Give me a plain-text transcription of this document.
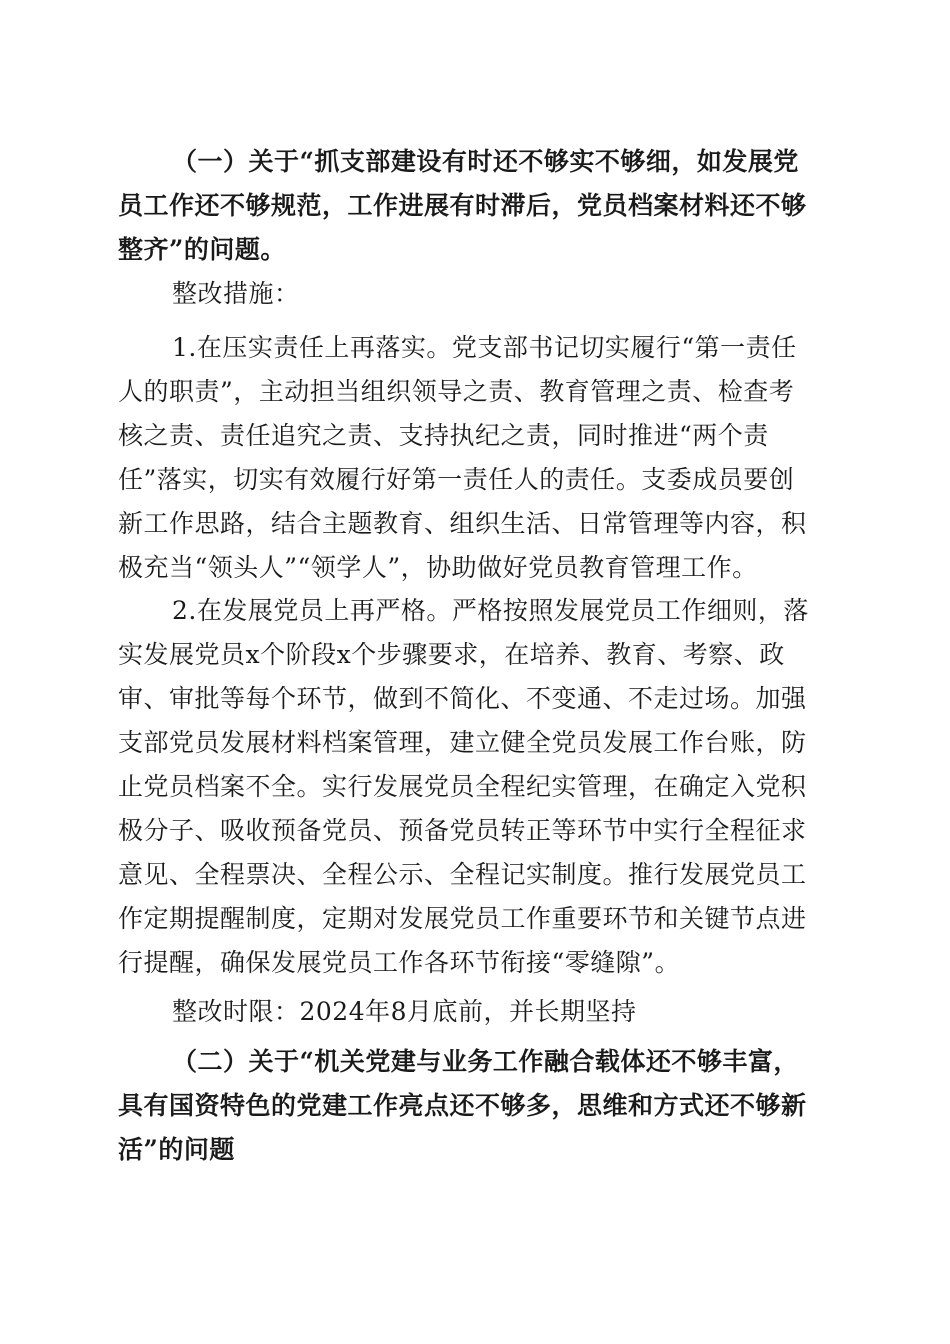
（一）关于“抓支部建设有时还不够实不够细，如发展党
员工作还不够规范，工作进展有时滞后，党员档案材料还不够
整齐”的问题。
整改措施：
1.在压实责任上再落实。党支部书记切实履行“第一责任
人的职责”，主动担当组织领导之责、教育管理之责、检查考
核之责、责任追究之责、支持执纪之责，同时推进“两个责
任”落实，切实有效履行好第一责任人的责任。支委成员要创
新工作思路，结合主题教育、组织生活、日常管理等内容，积
极充当“领头人”“领学人”，协助做好党员教育管理工作。
2.在发展党员上再严格。严格按照发展党员工作细则，落
实发展党员x个阶段x个步骤要求，在培养、教育、考察、政
审、审批等每个环节，做到不简化、不变通、不走过场。加强
支部党员发展材料档案管理，建立健全党员发展工作台账，防
止党员档案不全。实行发展党员全程纪实管理，在确定入党积
极分子、吸收预备党员、预备党员转正等环节中实行全程征求
意见、全程票决、全程公示、全程记实制度。推行发展党员工
作定期提醒制度，定期对发展党员工作重要环节和关键节点进
行提醒，确保发展党员工作各环节衔接“零缝隙”。
整改时限：2024年8月底前，并长期坚持
（二）关于“机关党建与业务工作融合载体还不够丰富，
具有国资特色的党建工作亮点还不够多，思维和方式还不够新
活”的问题
